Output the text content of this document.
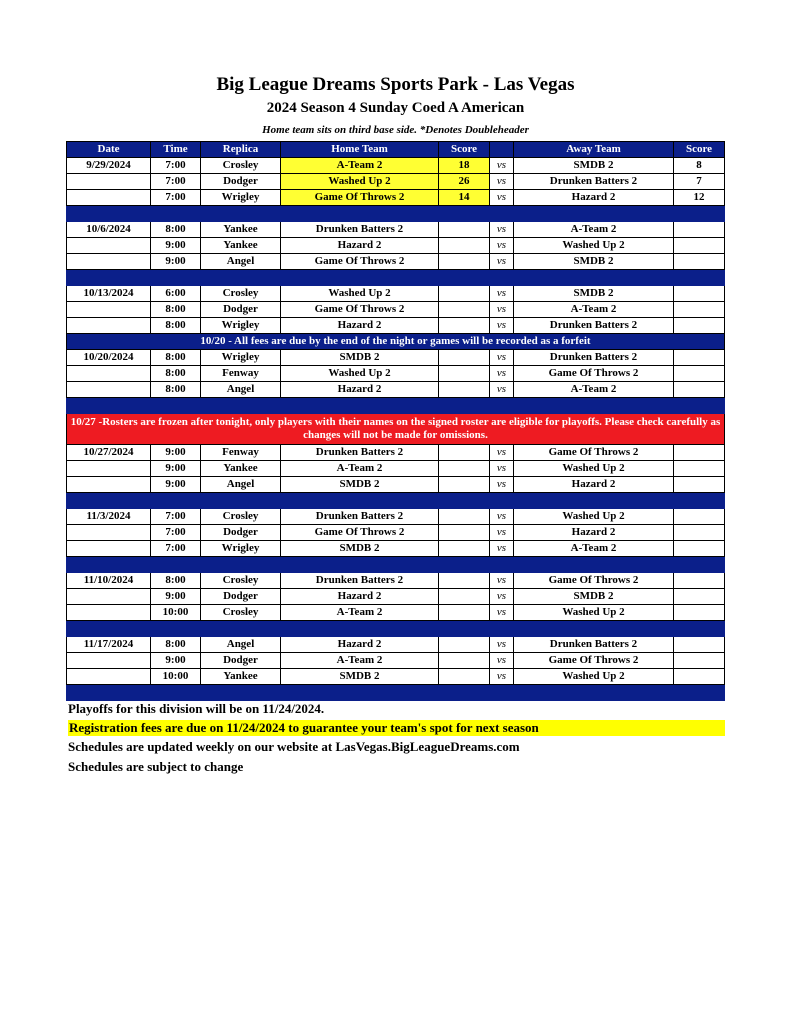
Big League Dreams Sports Park - Las Vegas
2024 Season 4 Sunday Coed A American
Home team sits on third base side. *Denotes Doubleheader
Date	Time	Replica	Home Team	Score		Away Team	Score
9/29/2024	7:00	Crosley	A-Team 2	18	vs	SMDB 2	8
	7:00	Dodger	Washed Up 2	26	vs	Drunken Batters 2	7
	7:00	Wrigley	Game Of Throws 2	14	vs	Hazard 2	12

10/6/2024	8:00	Yankee	Drunken Batters 2		vs	A-Team 2	
	9:00	Yankee	Hazard 2		vs	Washed Up 2	
	9:00	Angel	Game Of Throws 2		vs	SMDB 2	

10/13/2024	6:00	Crosley	Washed Up 2		vs	SMDB 2	
	8:00	Dodger	Game Of Throws 2		vs	A-Team 2	
	8:00	Wrigley	Hazard 2		vs	Drunken Batters 2	
10/20 - All fees are due by the end of the night or games will be recorded as a forfeit							
10/20/2024	8:00	Wrigley	SMDB 2		vs	Drunken Batters 2	
	8:00	Fenway	Washed Up 2		vs	Game Of Throws 2	
	8:00	Angel	Hazard 2		vs	A-Team 2	

10/27 -Rosters are frozen after tonight, only players with their names on the signed roster are eligible for playoffs. Please check carefully as changes will not be made for omissions.							
10/27/2024	9:00	Fenway	Drunken Batters 2		vs	Game Of Throws 2	
	9:00	Yankee	A-Team 2		vs	Washed Up 2	
	9:00	Angel	SMDB 2		vs	Hazard 2	

11/3/2024	7:00	Crosley	Drunken Batters 2		vs	Washed Up 2	
	7:00	Dodger	Game Of Throws 2		vs	Hazard 2	
	7:00	Wrigley	SMDB 2		vs	A-Team 2	

11/10/2024	8:00	Crosley	Drunken Batters 2		vs	Game Of Throws 2	
	9:00	Dodger	Hazard 2		vs	SMDB 2	
	10:00	Crosley	A-Team 2		vs	Washed Up 2	

11/17/2024	8:00	Angel	Hazard 2		vs	Drunken Batters 2	
	9:00	Dodger	A-Team 2		vs	Game Of Throws 2	
	10:00	Yankee	SMDB 2		vs	Washed Up 2	

Playoffs for this division will be on 11/24/2024.
Registration fees are due on 11/24/2024 to guarantee your team's spot for next season
Schedules are updated weekly on our website at LasVegas.BigLeagueDreams.com
Schedules are subject to change
